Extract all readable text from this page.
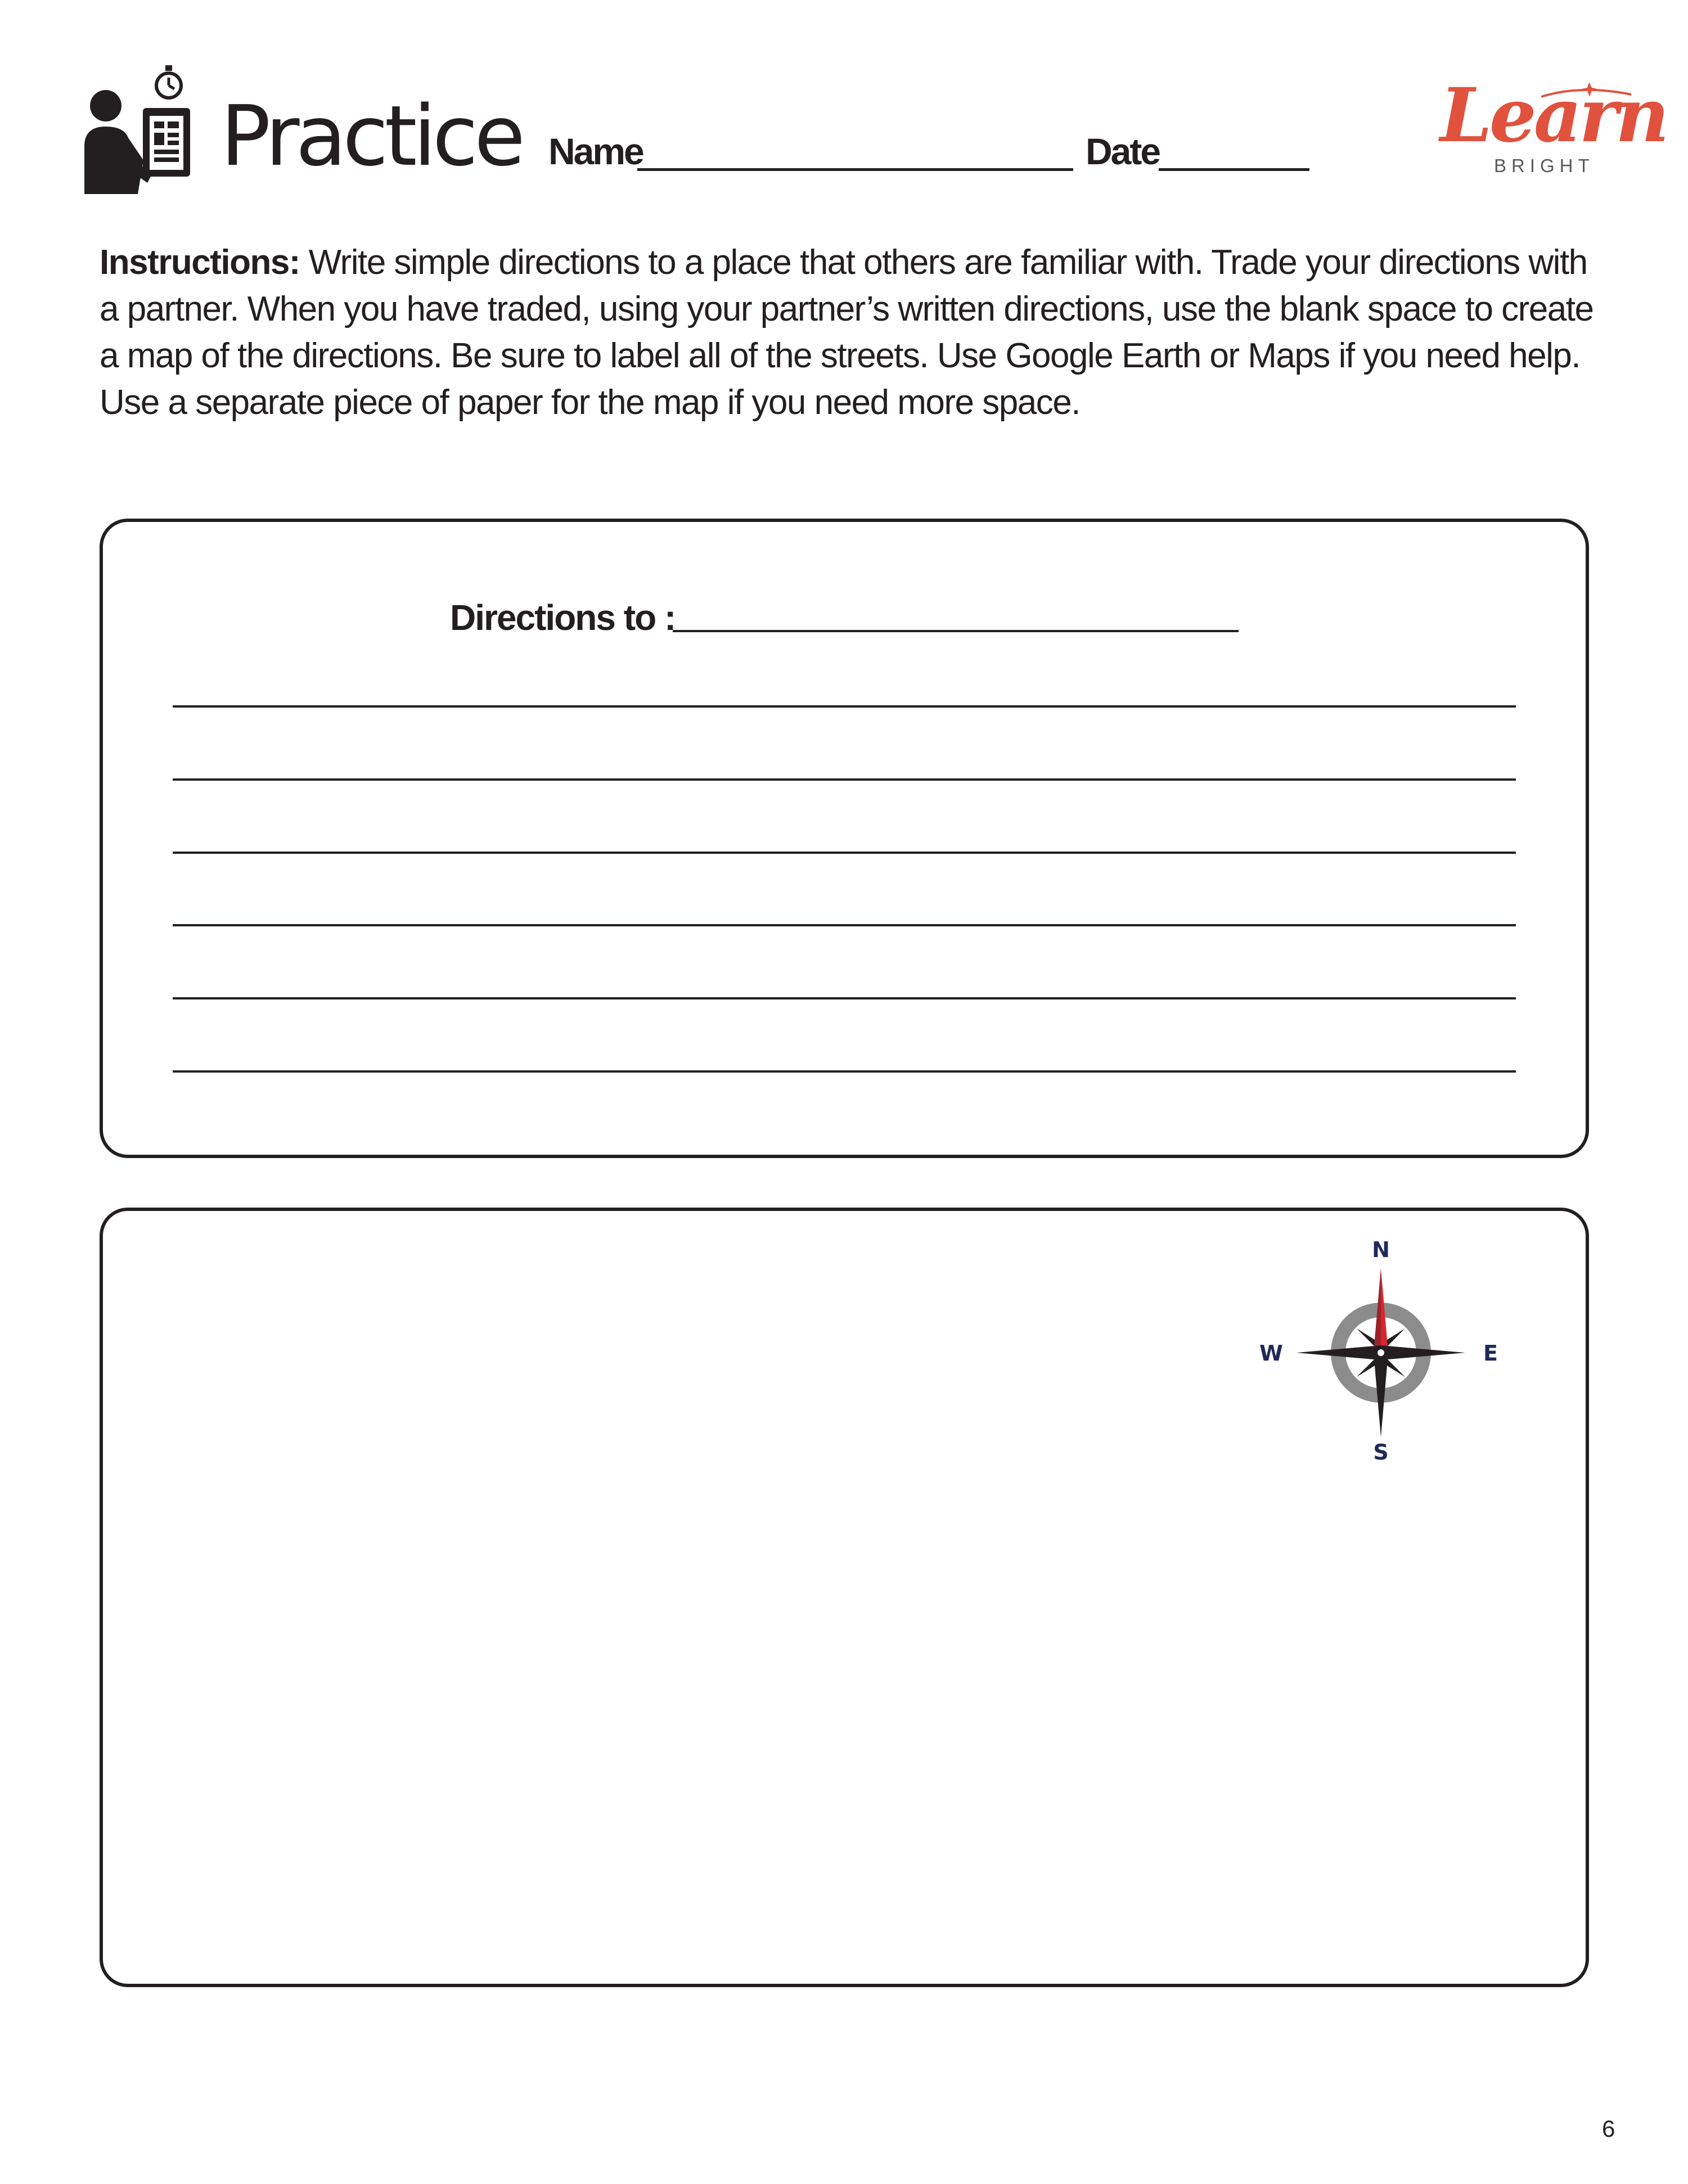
Practice Name	Date	Learn
BRIGHT
Instructions: Write simple directions to a place that others are familiar with. Trade your directions with a partner. When you have traded, using your partner’s written directions, use the blank space to create a map of the directions. Be sure to label all of the streets. Use Google Earth or Maps if you need help. Use a separate piece of paper for the map if you need more space.
Directions to :
N
S
W	E
6
